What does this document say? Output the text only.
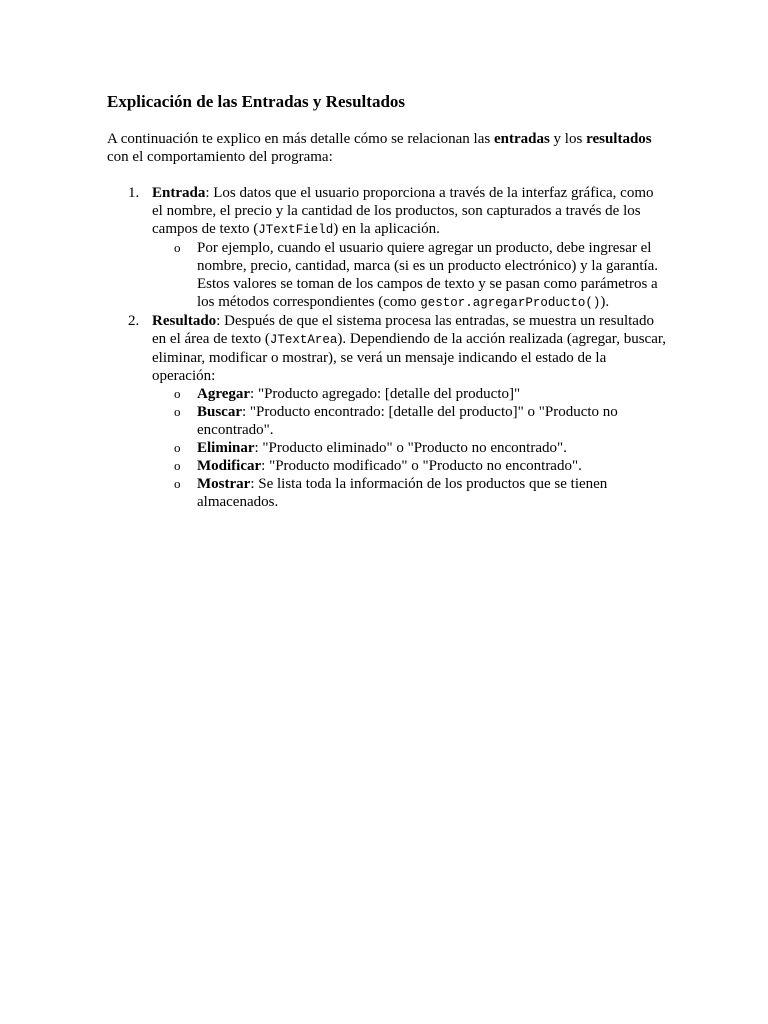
Explicación de las Entradas y Resultados

A continuación te explico en más detalle cómo se relacionan las entradas y los resultados con el comportamiento del programa:

1. Entrada: Los datos que el usuario proporciona a través de la interfaz gráfica, como el nombre, el precio y la cantidad de los productos, son capturados a través de los campos de texto (JTextField) en la aplicación.
o Por ejemplo, cuando el usuario quiere agregar un producto, debe ingresar el nombre, precio, cantidad, marca (si es un producto electrónico) y la garantía. Estos valores se toman de los campos de texto y se pasan como parámetros a los métodos correspondientes (como gestor.agregarProducto()).
2. Resultado: Después de que el sistema procesa las entradas, se muestra un resultado en el área de texto (JTextArea). Dependiendo de la acción realizada (agregar, buscar, eliminar, modificar o mostrar), se verá un mensaje indicando el estado de la operación:
o Agregar: "Producto agregado: [detalle del producto]"
o Buscar: "Producto encontrado: [detalle del producto]" o "Producto no encontrado".
o Eliminar: "Producto eliminado" o "Producto no encontrado".
o Modificar: "Producto modificado" o "Producto no encontrado".
o Mostrar: Se lista toda la información de los productos que se tienen almacenados.
